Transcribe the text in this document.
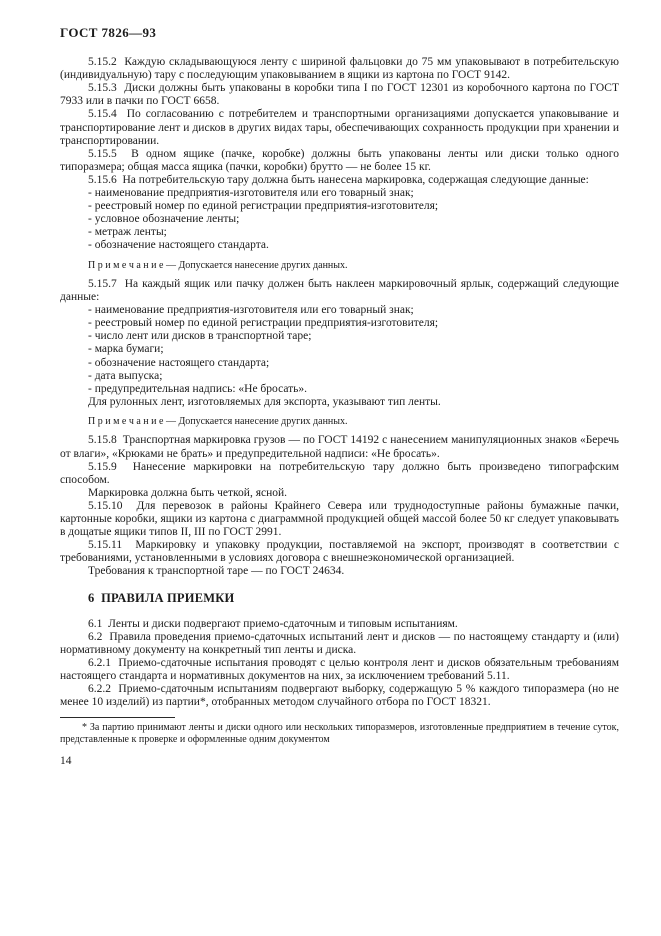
ГОСТ 7826—93
5.15.2  Каждую складывающуюся ленту с шириной фальцовки до 75 мм упаковывают в потребительскую (индивидуальную) тару с последующим упаковыванием в ящики из картона по ГОСТ 9142.
5.15.3  Диски должны быть упакованы в коробки типа I по ГОСТ 12301 из коробочного картона по ГОСТ 7933 или в пачки по ГОСТ 6658.
5.15.4  По согласованию с потребителем и транспортными организациями допускается упаковывание и транспортирование лент и дисков в других видах тары, обеспечивающих сохранность продукции при хранении и транспортировании.
5.15.5  В одном ящике (пачке, коробке) должны быть упакованы ленты или диски только одного типоразмера; общая масса ящика (пачки, коробки) брутто — не более 15 кг.
5.15.6  На потребительскую тару должна быть нанесена маркировка, содержащая следующие данные:
- наименование предприятия-изготовителя или его товарный знак;
- реестровый номер по единой регистрации предприятия-изготовителя;
- условное обозначение ленты;
- метраж ленты;
- обозначение настоящего стандарта.
П р и м е ч а н и е — Допускается нанесение других данных.
5.15.7  На каждый ящик или пачку должен быть наклеен маркировочный ярлык, содержащий следующие данные:
- наименование предприятия-изготовителя или его товарный знак;
- реестровый номер по единой регистрации предприятия-изготовителя;
- число лент или дисков в транспортной таре;
- марка бумаги;
- обозначение настоящего стандарта;
- дата выпуска;
- предупредительная надпись: «Не бросать».
Для рулонных лент, изготовляемых для экспорта, указывают тип ленты.
П р и м е ч а н и е — Допускается нанесение других данных.
5.15.8  Транспортная маркировка грузов — по ГОСТ 14192 с нанесением манипуляционных знаков «Беречь от влаги», «Крюками не брать» и предупредительной надписи: «Не бросать».
5.15.9  Нанесение маркировки на потребительскую тару должно быть произведено типографским способом.
Маркировка должна быть четкой, ясной.
5.15.10  Для перевозок в районы Крайнего Севера или труднодоступные районы бумажные пачки, картонные коробки, ящики из картона с диаграммной продукцией общей массой более 50 кг следует упаковывать в дощатые ящики типов II, III по ГОСТ 2991.
5.15.11  Маркировку и упаковку продукции, поставляемой на экспорт, производят в соответствии с требованиями, установленными в условиях договора с внешнеэкономической организацией.
Требования к транспортной таре — по ГОСТ 24634.
6  ПРАВИЛА ПРИЕМКИ
6.1  Ленты и диски подвергают приемо-сдаточным и типовым испытаниям.
6.2  Правила проведения приемо-сдаточных испытаний лент и дисков — по настоящему стандарту и (или) нормативному документу на конкретный тип ленты и диска.
6.2.1  Приемо-сдаточные испытания проводят с целью контроля лент и дисков обязательным требованиям настоящего стандарта и нормативных документов на них, за исключением требований 5.11.
6.2.2  Приемо-сдаточным испытаниям подвергают выборку, содержащую 5 % каждого типоразмера (но не менее 10 изделий) из партии*, отобранных методом случайного отбора по ГОСТ 18321.
* За партию принимают ленты и диски одного или нескольких типоразмеров, изготовленные предприятием в течение суток, представленные к проверке и оформленные одним документом
14
